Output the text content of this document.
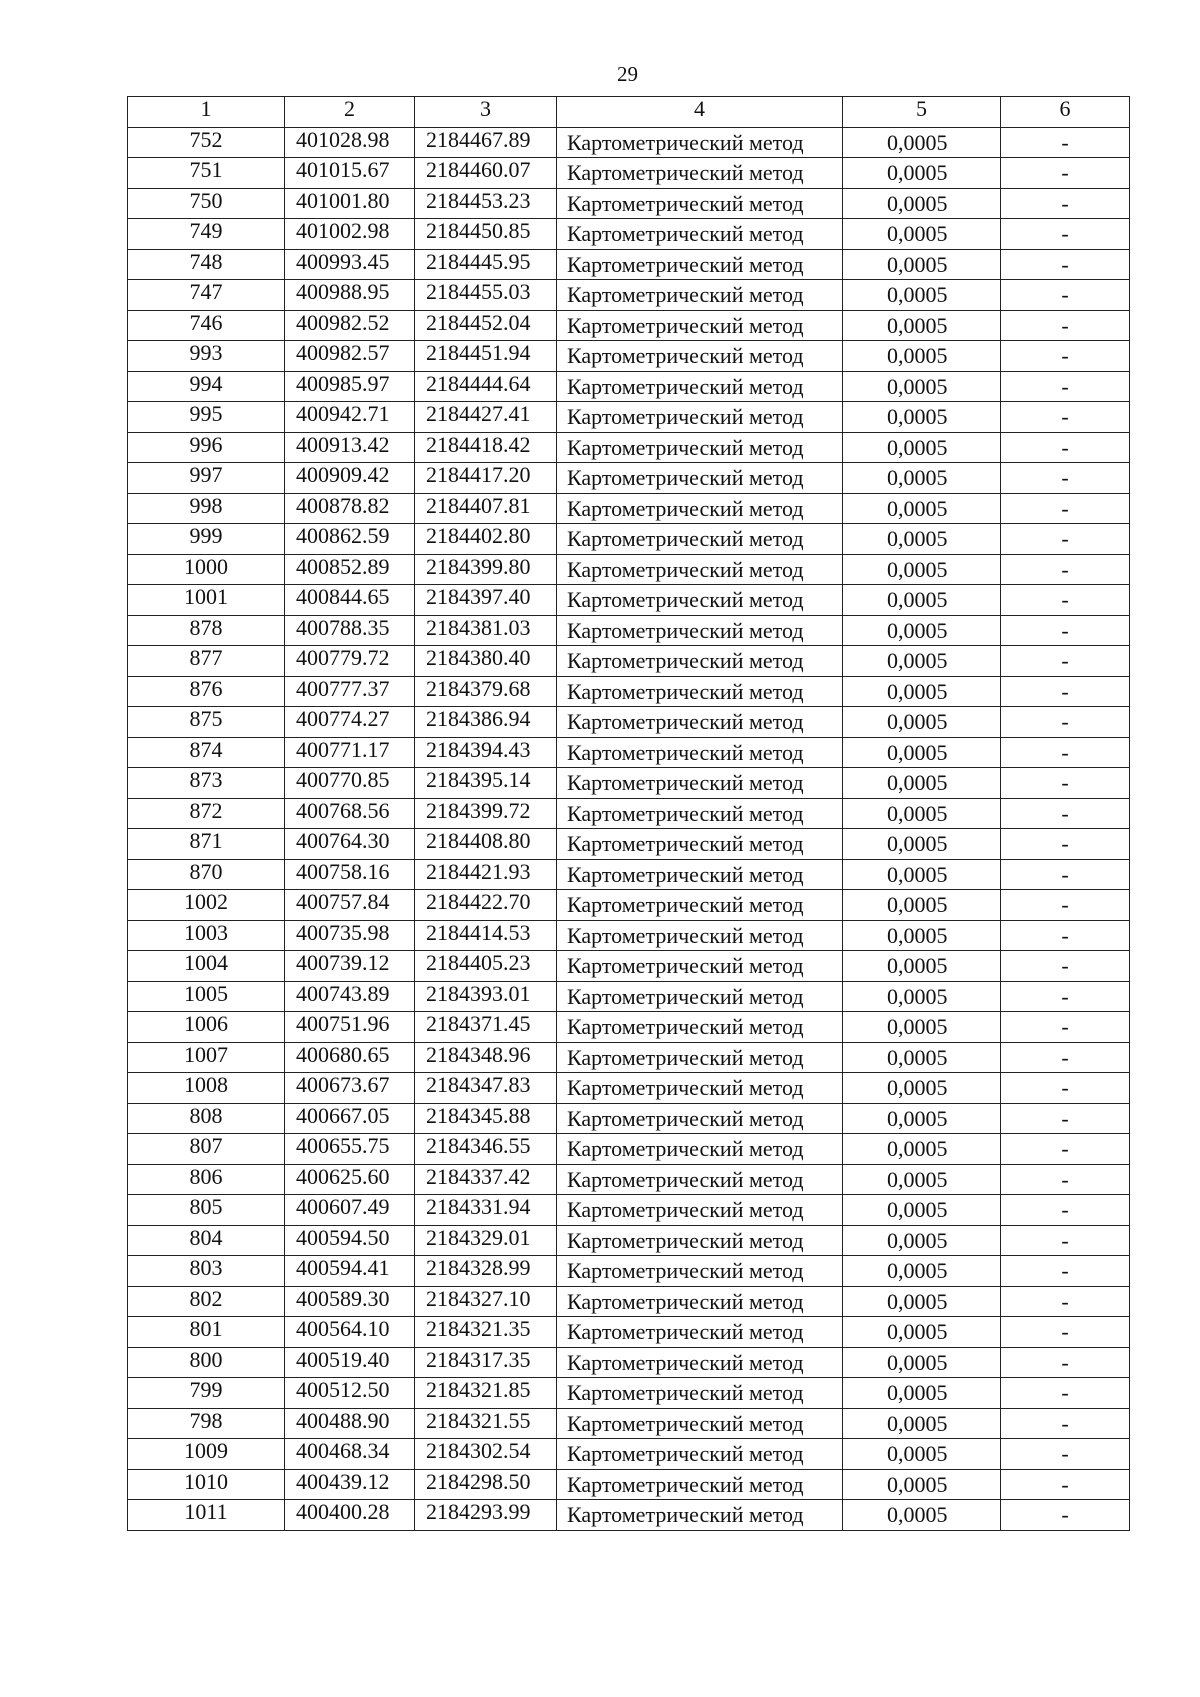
29
1	2	3	4	5	6
752	401028.98	2184467.89	Картометрический метод	0,0005	-
751	401015.67	2184460.07	Картометрический метод	0,0005	-
750	401001.80	2184453.23	Картометрический метод	0,0005	-
749	401002.98	2184450.85	Картометрический метод	0,0005	-
748	400993.45	2184445.95	Картометрический метод	0,0005	-
747	400988.95	2184455.03	Картометрический метод	0,0005	-
746	400982.52	2184452.04	Картометрический метод	0,0005	-
993	400982.57	2184451.94	Картометрический метод	0,0005	-
994	400985.97	2184444.64	Картометрический метод	0,0005	-
995	400942.71	2184427.41	Картометрический метод	0,0005	-
996	400913.42	2184418.42	Картометрический метод	0,0005	-
997	400909.42	2184417.20	Картометрический метод	0,0005	-
998	400878.82	2184407.81	Картометрический метод	0,0005	-
999	400862.59	2184402.80	Картометрический метод	0,0005	-
1000	400852.89	2184399.80	Картометрический метод	0,0005	-
1001	400844.65	2184397.40	Картометрический метод	0,0005	-
878	400788.35	2184381.03	Картометрический метод	0,0005	-
877	400779.72	2184380.40	Картометрический метод	0,0005	-
876	400777.37	2184379.68	Картометрический метод	0,0005	-
875	400774.27	2184386.94	Картометрический метод	0,0005	-
874	400771.17	2184394.43	Картометрический метод	0,0005	-
873	400770.85	2184395.14	Картометрический метод	0,0005	-
872	400768.56	2184399.72	Картометрический метод	0,0005	-
871	400764.30	2184408.80	Картометрический метод	0,0005	-
870	400758.16	2184421.93	Картометрический метод	0,0005	-
1002	400757.84	2184422.70	Картометрический метод	0,0005	-
1003	400735.98	2184414.53	Картометрический метод	0,0005	-
1004	400739.12	2184405.23	Картометрический метод	0,0005	-
1005	400743.89	2184393.01	Картометрический метод	0,0005	-
1006	400751.96	2184371.45	Картометрический метод	0,0005	-
1007	400680.65	2184348.96	Картометрический метод	0,0005	-
1008	400673.67	2184347.83	Картометрический метод	0,0005	-
808	400667.05	2184345.88	Картометрический метод	0,0005	-
807	400655.75	2184346.55	Картометрический метод	0,0005	-
806	400625.60	2184337.42	Картометрический метод	0,0005	-
805	400607.49	2184331.94	Картометрический метод	0,0005	-
804	400594.50	2184329.01	Картометрический метод	0,0005	-
803	400594.41	2184328.99	Картометрический метод	0,0005	-
802	400589.30	2184327.10	Картометрический метод	0,0005	-
801	400564.10	2184321.35	Картометрический метод	0,0005	-
800	400519.40	2184317.35	Картометрический метод	0,0005	-
799	400512.50	2184321.85	Картометрический метод	0,0005	-
798	400488.90	2184321.55	Картометрический метод	0,0005	-
1009	400468.34	2184302.54	Картометрический метод	0,0005	-
1010	400439.12	2184298.50	Картометрический метод	0,0005	-
1011	400400.28	2184293.99	Картометрический метод	0,0005	-
